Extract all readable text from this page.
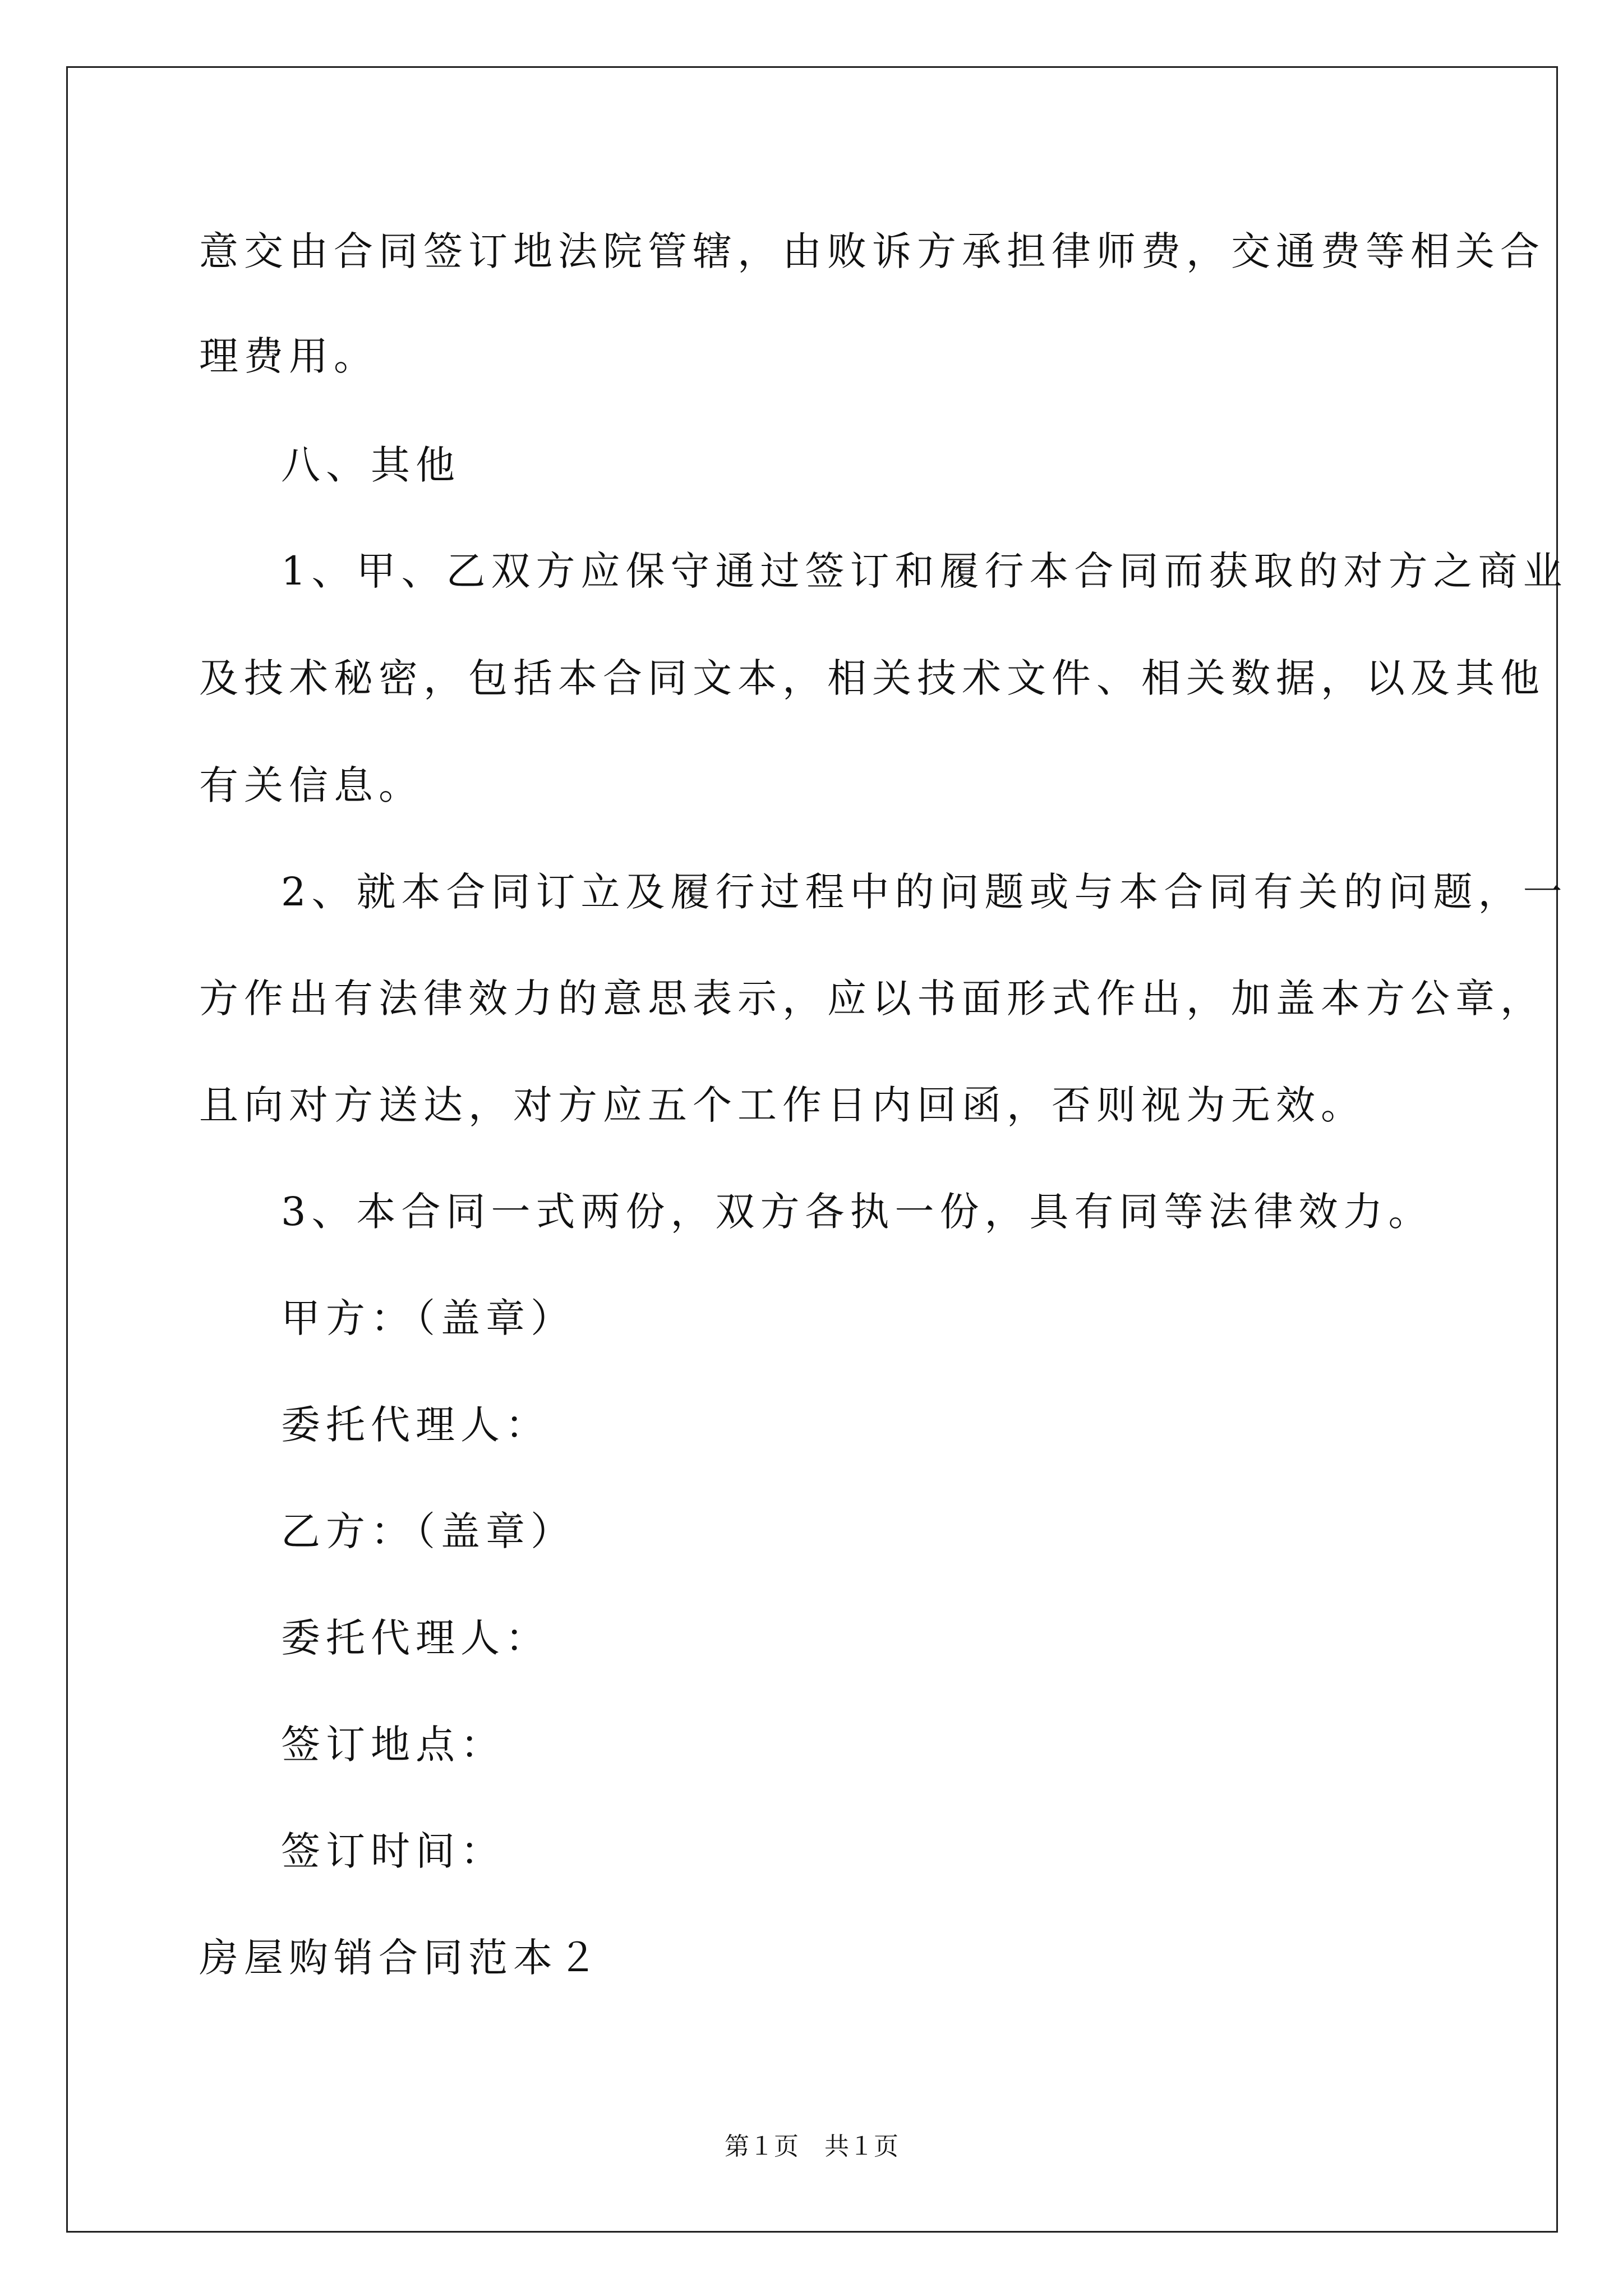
意交由合同签订地法院管辖，由败诉方承担律师费，交通费等相关合
理费用。
八、其他
1、甲、乙双方应保守通过签订和履行本合同而获取的对方之商业
及技术秘密，包括本合同文本，相关技术文件、相关数据，以及其他
有关信息。
2、就本合同订立及履行过程中的问题或与本合同有关的问题，一
方作出有法律效力的意思表示，应以书面形式作出，加盖本方公章，
且向对方送达，对方应五个工作日内回函，否则视为无效。
3、本合同一式两份，双方各执一份，具有同等法律效力。
甲方：（盖章）
委托代理人：
乙方：（盖章）
委托代理人：
签订地点：
签订时间：
房屋购销合同范本２
第１页 共１页
